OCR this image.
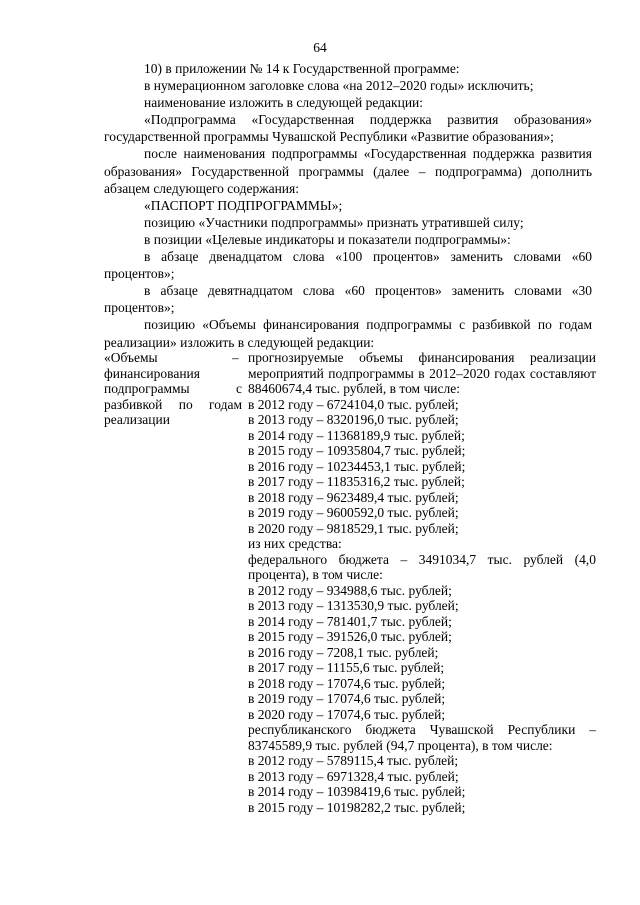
64

10) в приложении № 14 к Государственной программе:

в нумерационном заголовке слова «на 2012–2020 годы» исключить;

наименование изложить в следующей редакции:

«Подпрограмма «Государственная поддержка развития образования» государственной программы Чувашской Республики «Развитие образования»;

после наименования подпрограммы «Государственная поддержка развития образования» Государственной программы (далее – подпрограмма) дополнить абзацем следующего содержания:

«ПАСПОРТ ПОДПРОГРАММЫ»;

позицию «Участники подпрограммы» признать утратившей силу;

в позиции «Целевые индикаторы и показатели подпрограммы»:

в абзаце двенадцатом слова «100 процентов» заменить словами «60 процентов»;

в абзаце девятнадцатом слова «60 процентов» заменить словами «30 процентов»;

позицию «Объемы финансирования подпрограммы с разбивкой по годам реализации» изложить в следующей редакции:

«Объемы финансирования подпрограммы с разбивкой по годам реализации
– прогнозируемые объемы финансирования реализации мероприятий подпрограммы в 2012–2020 годах составляют 88460674,4 тыс. рублей, в том числе:

в 2012 году – 6724104,0 тыс. рублей;

в 2013 году – 8320196,0 тыс. рублей;

в 2014 году – 11368189,9 тыс. рублей;

в 2015 году – 10935804,7 тыс. рублей;

в 2016 году – 10234453,1 тыс. рублей;

в 2017 году – 11835316,2 тыс. рублей;

в 2018 году – 9623489,4 тыс. рублей;

в 2019 году – 9600592,0 тыс. рублей;

в 2020 году – 9818529,1 тыс. рублей;

из них средства:

федерального бюджета – 3491034,7 тыс. рублей (4,0 процента), в том числе:

в 2012 году – 934988,6 тыс. рублей;

в 2013 году – 1313530,9 тыс. рублей;

в 2014 году – 781401,7 тыс. рублей;

в 2015 году – 391526,0 тыс. рублей;

в 2016 году – 7208,1 тыс. рублей;

в 2017 году – 11155,6 тыс. рублей;

в 2018 году – 17074,6 тыс. рублей;

в 2019 году – 17074,6 тыс. рублей;

в 2020 году – 17074,6 тыс. рублей;

республиканского бюджета Чувашской Республики – 83745589,9 тыс. рублей (94,7 процента), в том числе:

в 2012 году – 5789115,4 тыс. рублей;

в 2013 году – 6971328,4 тыс. рублей;

в 2014 году – 10398419,6 тыс. рублей;

в 2015 году – 10198282,2 тыс. рублей;
